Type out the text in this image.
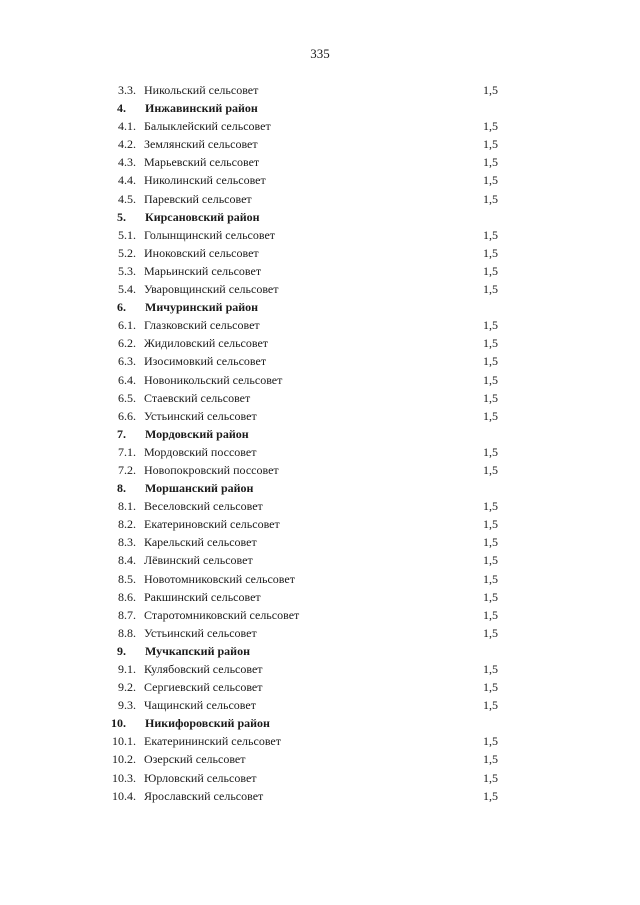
335
3.3. Никольский сельсовет	1,5
4. Инжавинский район
4.1. Балыклейский сельсовет	1,5
4.2. Землянский сельсовет	1,5
4.3. Марьевский сельсовет	1,5
4.4. Николинский сельсовет	1,5
4.5. Паревский сельсовет	1,5
5. Кирсановский район
5.1. Голынщинский сельсовет	1,5
5.2. Иноковский сельсовет	1,5
5.3. Марьинский сельсовет	1,5
5.4. Уваровщинский сельсовет	1,5
6. Мичуринский район
6.1. Глазковский сельсовет	1,5
6.2. Жидиловский сельсовет	1,5
6.3. Изосимовкий сельсовет	1,5
6.4. Новоникольский сельсовет	1,5
6.5. Стаевский сельсовет	1,5
6.6. Устьинский сельсовет	1,5
7. Мордовский район
7.1. Мордовский поссовет	1,5
7.2. Новопокровский поссовет	1,5
8. Моршанский район
8.1. Веселовский сельсовет	1,5
8.2. Екатериновский сельсовет	1,5
8.3. Карельский сельсовет	1,5
8.4. Лёвинский сельсовет	1,5
8.5. Новотомниковский сельсовет	1,5
8.6. Ракшинский сельсовет	1,5
8.7. Старотомниковский сельсовет	1,5
8.8. Устьинский сельсовет	1,5
9. Мучкапский район
9.1. Кулябовский сельсовет	1,5
9.2. Сергиевский сельсовет	1,5
9.3. Чащинский сельсовет	1,5
10. Никифоровский район
10.1. Екатерининский сельсовет	1,5
10.2. Озерский сельсовет	1,5
10.3. Юрловский сельсовет	1,5
10.4. Ярославский сельсовет	1,5
